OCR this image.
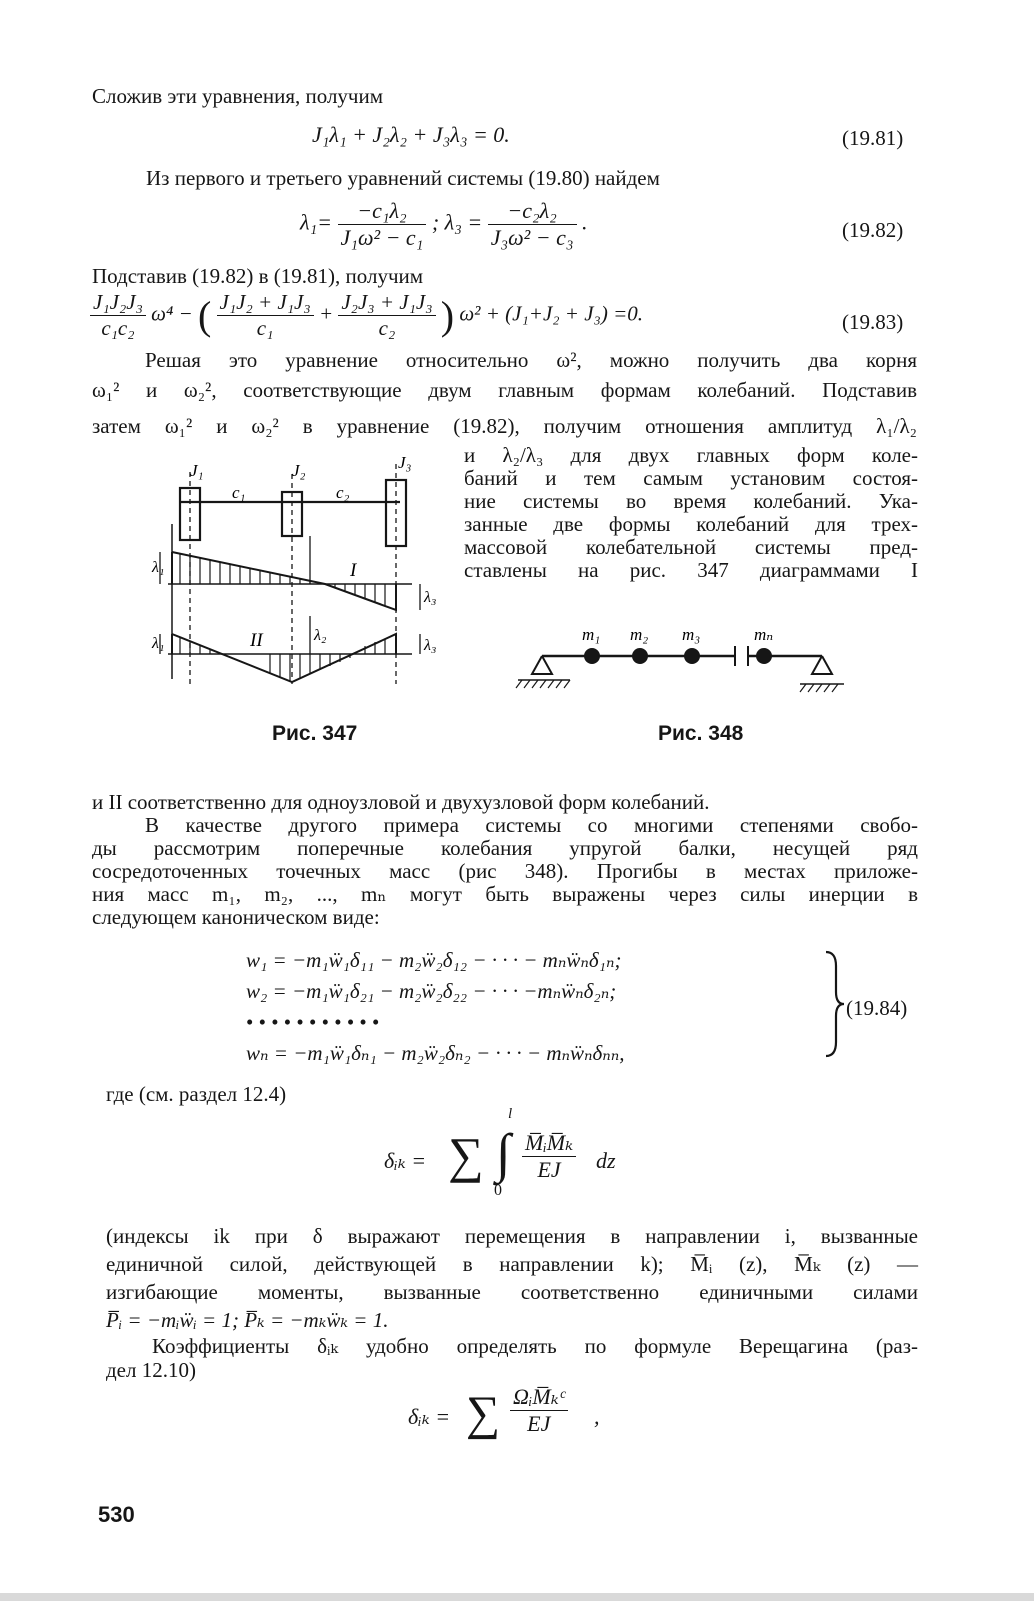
Сложив эти уравнения, получим
J₁λ₁ + J₂λ₂ + J₃λ₃ = 0.	(19.81)
Из первого и третьего уравнений системы (19.80) найдем
$\lambda_1= \frac{\text{−c₁λ₂}}{\text{J₁ω² − c₁}}$ ; $\lambda_3 = \frac{\text{−c₂λ₂}}{\text{J₃ω² − c₃}}$ .	(19.82)
Подставив (19.82) в (19.81), получим
$\frac{\text{J₁J₂J₃}}{\text{c₁c₂}} \omega^4$ − ( $\frac{\text{J₁J₂ + J₁J₃}}{\text{c₁}} + \frac{\text{J₂J₃ + J₁J₃}}{\text{c₂}}$ ) ω² + (J₁+J₂ + J₃) =0.	(19.83)
Решая это уравнение относительно ω², можно получить два корня
ω₁² и ω₂², соответствующие двум главным формам колебаний. Подставив
затем ω₁² и ω₂² в уравнение (19.82), получим отношения амплитуд λ₁/λ₂
и λ₂/λ₃ для двух главных форм коле-
баний и тем самым установим состоя-
ние системы во время колебаний. Ука-
занные две формы колебаний для трех-
массовой колебательной системы пред-
ставлены на рис. 347 диаграммами I
J₁	J₂	J₃
c₁	c₂
I
II
λ₁
λ₁	λ₂
λ₃
λ₃
Рис. 347
m₁ m₂ m₃	mₙ
Рис. 348
и II соответственно для одноузловой и двухузловой форм колебаний.
В качестве другого примера системы со многими степенями свобо-
ды рассмотрим поперечные колебания упругой балки, несущей ряд
сосредоточенных точечных масс (рис 348). Прогибы в местах приложе-
ния масс m₁, m₂, ..., mₙ могут быть выражены через силы инерции в
следующем каноническом виде:
w₁ = −m₁ẅ₁δ₁₁ − m₂ẅ₂δ₁₂ − · · · − mₙẅₙδ₁ₙ;
w₂ = −m₁ẅ₁δ₂₁ − m₂ẅ₂δ₂₂ − · · · −mₙẅₙδ₂ₙ;
• • • • • • • • • • •
wₙ = −m₁ẅ₁δₙ₁ − m₂ẅ₂δₙ₂ − · · · − mₙẅₙδₙₙ,
(19.84)
где (см. раздел 12.4)
δᵢₖ = ∑ ∫
l
0
$\frac{\text{M̅ᵢM̅ₖ}}{EJ}$ dz
(индексы ik при δ выражают перемещения в направлении i, вызванные
единичной силой, действующей в направлении k); M̅ᵢ (z), M̅ₖ (z) —
изгибающие моменты, вызванные соответственно единичными силами
P̅ᵢ = −mᵢẅᵢ = 1; P̅ₖ = −mₖẅₖ = 1.
Коэффициенты δᵢₖ удобно определять по формуле Верещагина (раз-
дел 12.10)
δᵢₖ = ∑ ΩᵢM̅ₖᶜ
EJ	,
530
